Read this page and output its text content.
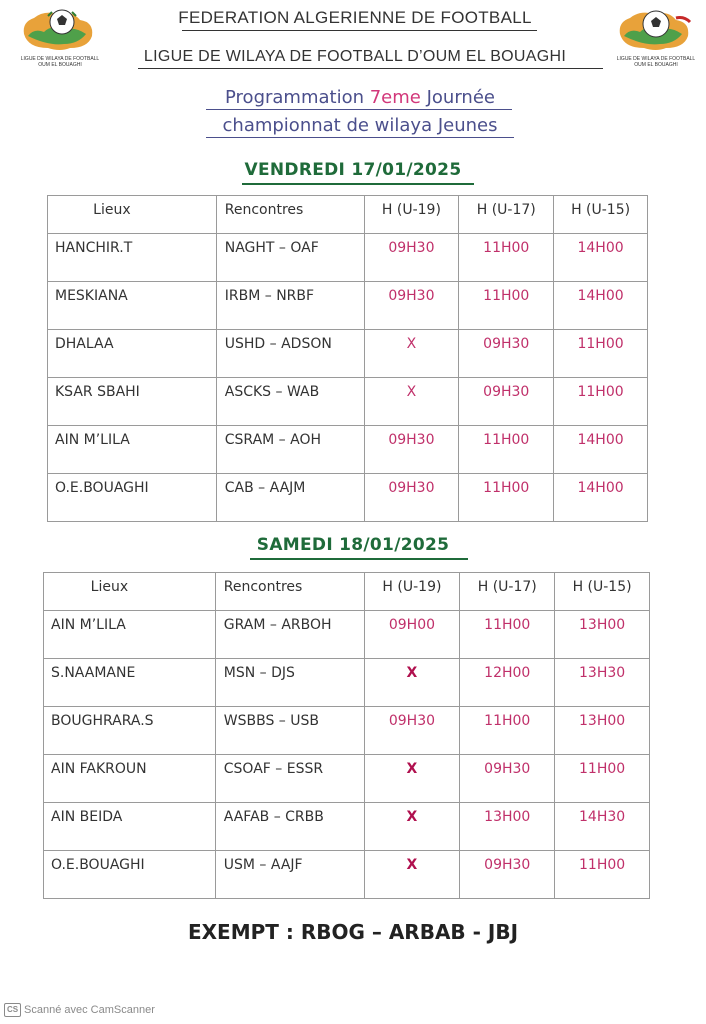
LIGUE DE WILAYA DE FOOTBALL
OUM EL BOUAGHI
LIGUE DE WILAYA DE FOOTBALL
OUM EL BOUAGHI
FEDERATION ALGERIENNE DE FOOTBALL
LIGUE DE WILAYA DE FOOTBALL D’OUM EL BOUAGHI
Programmation 7eme Journée
championnat de wilaya Jeunes
VENDREDI 17/01/2025
Lieux	Rencontres	H (U-19)	H (U-17)	H (U-15)
HANCHIR.T	NAGHT – OAF	09H30	11H00	14H00
MESKIANA	IRBM – NRBF	09H30	11H00	14H00
DHALAA	USHD – ADSON	X	09H30	11H00
KSAR SBAHI	ASCKS – WAB	X	09H30	11H00
AIN M’LILA	CSRAM – AOH	09H30	11H00	14H00
O.E.BOUAGHI	CAB – AAJM	09H30	11H00	14H00
SAMEDI 18/01/2025
Lieux	Rencontres	H (U-19)	H (U-17)	H (U-15)
AIN M’LILA	GRAM – ARBOH	09H00	11H00	13H00
S.NAAMANE	MSN – DJS	X	12H00	13H30
BOUGHRARA.S	WSBBS – USB	09H30	11H00	13H00
AIN FAKROUN	CSOAF – ESSR	X	09H30	11H00
AIN BEIDA	AAFAB – CRBB	X	13H00	14H30
O.E.BOUAGHI	USM – AAJF	X	09H30	11H00
EXEMPT : RBOG – ARBAB - JBJ
CS Scanné avec CamScanner
